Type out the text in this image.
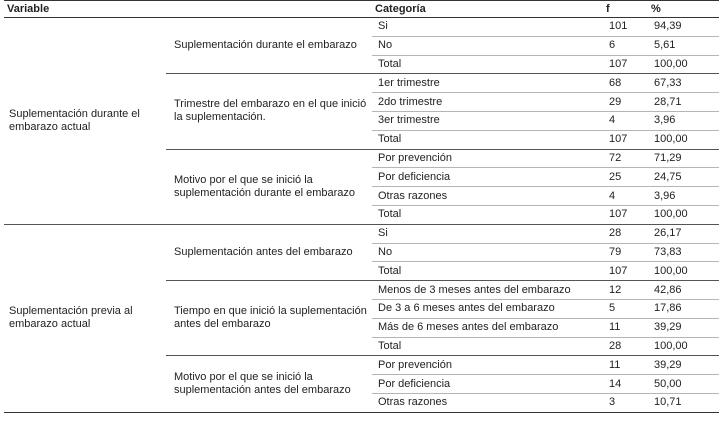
Variable		Categoría	f	%
Suplementación durante el embarazo actual	Suplementación durante el embarazo	Si	101	94,39
		No	6	5,61
		Total	107	100,00
	Trimestre del embarazo en el que inició la suplementación.	1er trimestre	68	67,33
		2do trimestre	29	28,71
		3er trimestre	4	3,96
		Total	107	100,00
	Motivo por el que se inició la suplementación durante el embarazo	Por prevención	72	71,29
		Por deficiencia	25	24,75
		Otras razones	4	3,96
		Total	107	100,00
Suplementación previa al embarazo actual	Suplementación antes del embarazo	Si	28	26,17
		No	79	73,83
		Total	107	100,00
	Tiempo en que inició la suplementación antes del embarazo	Menos de 3 meses antes del embarazo	12	42,86
		De 3 a 6 meses antes del embarazo	5	17,86
		Más de 6 meses antes del embarazo	11	39,29
		Total	28	100,00
	Motivo por el que se inició la suplementación antes del embarazo	Por prevención	11	39,29
		Por deficiencia	14	50,00
		Otras razones	3	10,71
